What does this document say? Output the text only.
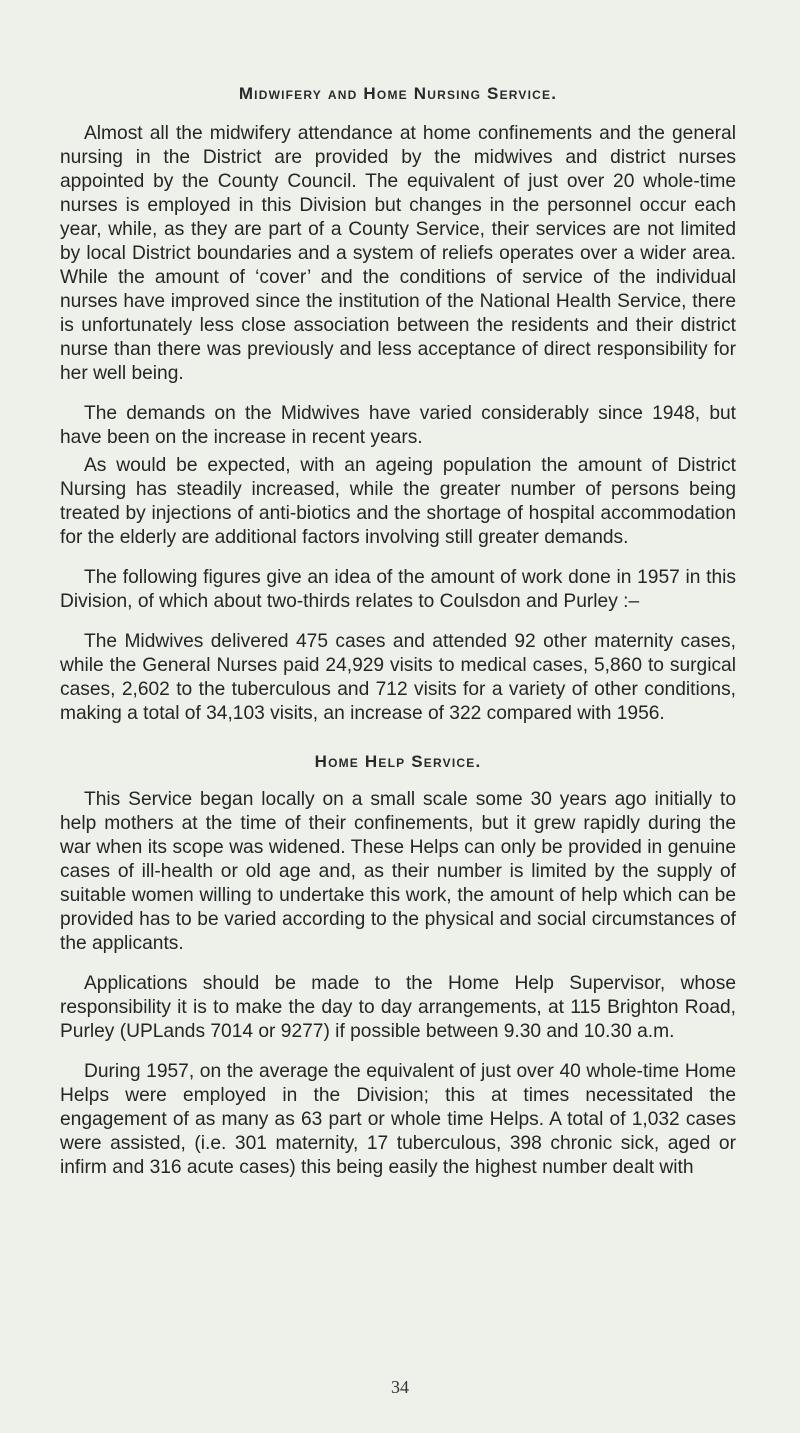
Midwifery and Home Nursing Service.

Almost all the midwifery attendance at home confinements and the general nursing in the District are provided by the midwives and district nurses appointed by the County Council. The equivalent of just over 20 whole-time nurses is employed in this Division but changes in the personnel occur each year, while, as they are part of a County Service, their services are not limited by local District boundaries and a system of reliefs operates over a wider area. While the amount of ‘cover’ and the conditions of service of the individual nurses have improved since the institution of the National Health Service, there is unfortunately less close association between the residents and their district nurse than there was previously and less acceptance of direct responsibility for her well being.

The demands on the Midwives have varied considerably since 1948, but have been on the increase in recent years.

As would be expected, with an ageing population the amount of District Nursing has steadily increased, while the greater number of persons being treated by injections of anti-biotics and the shortage of hospital accommodation for the elderly are additional factors involving still greater demands.

The following figures give an idea of the amount of work done in 1957 in this Division, of which about two-thirds relates to Coulsdon and Purley :–

The Midwives delivered 475 cases and attended 92 other maternity cases, while the General Nurses paid 24,929 visits to medical cases, 5,860 to surgical cases, 2,602 to the tuberculous and 712 visits for a variety of other conditions, making a total of 34,103 visits, an increase of 322 compared with 1956.

Home Help Service.

This Service began locally on a small scale some 30 years ago initially to help mothers at the time of their confinements, but it grew rapidly during the war when its scope was widened. These Helps can only be provided in genuine cases of ill-health or old age and, as their number is limited by the supply of suitable women willing to undertake this work, the amount of help which can be provided has to be varied according to the physical and social circumstances of the applicants.

Applications should be made to the Home Help Supervisor, whose responsibility it is to make the day to day arrangements, at 115 Brighton Road, Purley (UPLands 7014 or 9277) if possible between 9.30 and 10.30 a.m.

During 1957, on the average the equivalent of just over 40 whole-time Home Helps were employed in the Division; this at times necessitated the engagement of as many as 63 part or whole time Helps. A total of 1,032 cases were assisted, (i.e. 301 maternity, 17 tuberculous, 398 chronic sick, aged or infirm and 316 acute cases) this being easily the highest number dealt with

34
